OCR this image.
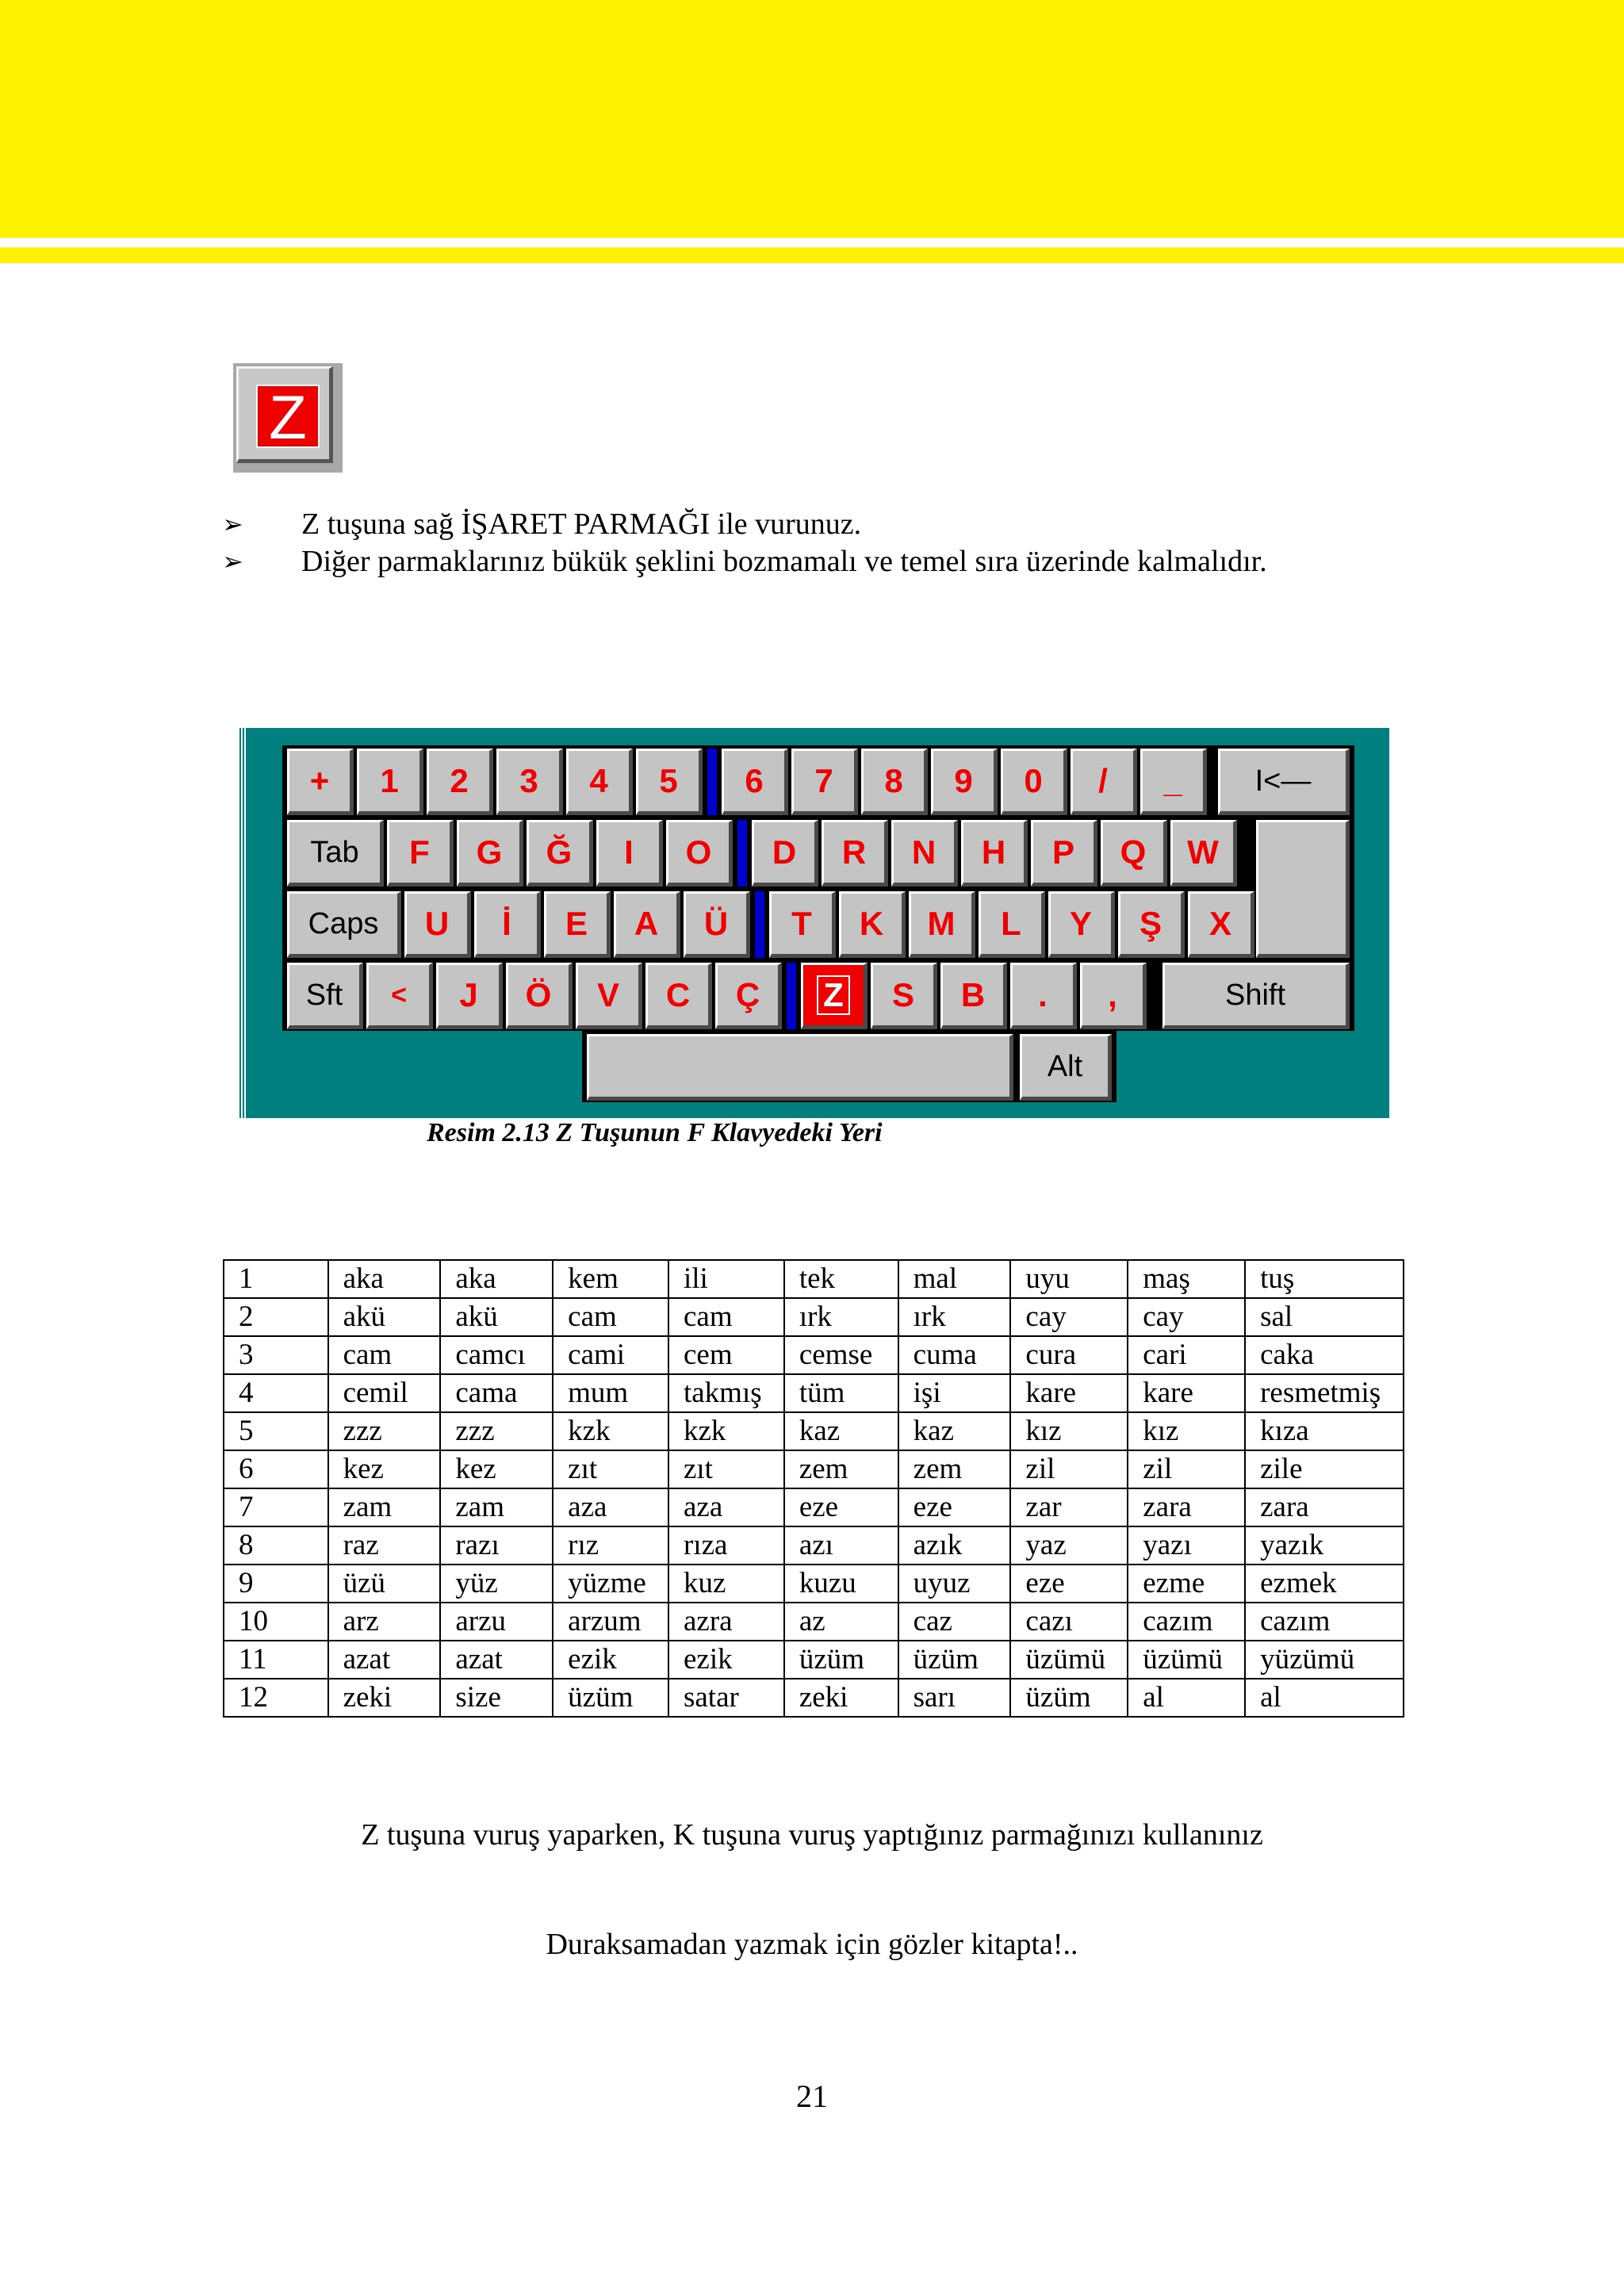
Z
➢	Z tuşuna sağ İŞARET PARMAĞI ile vurunuz.
➢	Diğer parmaklarınız bükük şeklini bozmamalı ve temel sıra üzerinde kalmalıdır.
+	1	2	3	4	5	6	7	8	9	0	/	_	I<—
Tab	F	G	Ğ	I	O	D	R	N	H	P	Q	W
Caps	U	İ	E	A	Ü	T	K	M	L	Y	Ş	X
Sft	<	J	Ö	V	C	Ç	Z	S	B	.	,	Shift
Alt
Resim 2.13 Z Tuşunun F Klavyedeki Yeri
1	aka	aka	kem	ili	tek	mal	uyu	maş	tuş
2	akü	akü	cam	cam	ırk	ırk	cay	cay	sal
3	cam	camcı	cami	cem	cemse	cuma	cura	cari	caka
4	cemil	cama	mum	takmış	tüm	işi	kare	kare	resmetmiş
5	zzz	zzz	kzk	kzk	kaz	kaz	kız	kız	kıza
6	kez	kez	zıt	zıt	zem	zem	zil	zil	zile
7	zam	zam	aza	aza	eze	eze	zar	zara	zara
8	raz	razı	rız	rıza	azı	azık	yaz	yazı	yazık
9	üzü	yüz	yüzme	kuz	kuzu	uyuz	eze	ezme	ezmek
10	arz	arzu	arzum	azra	az	caz	cazı	cazım	cazım
11	azat	azat	ezik	ezik	üzüm	üzüm	üzümü	üzümü	yüzümü
12	zeki	size	üzüm	satar	zeki	sarı	üzüm	al	al
Z tuşuna vuruş yaparken, K tuşuna vuruş yaptığınız parmağınızı kullanınız
Duraksamadan yazmak için gözler kitapta!..
21
